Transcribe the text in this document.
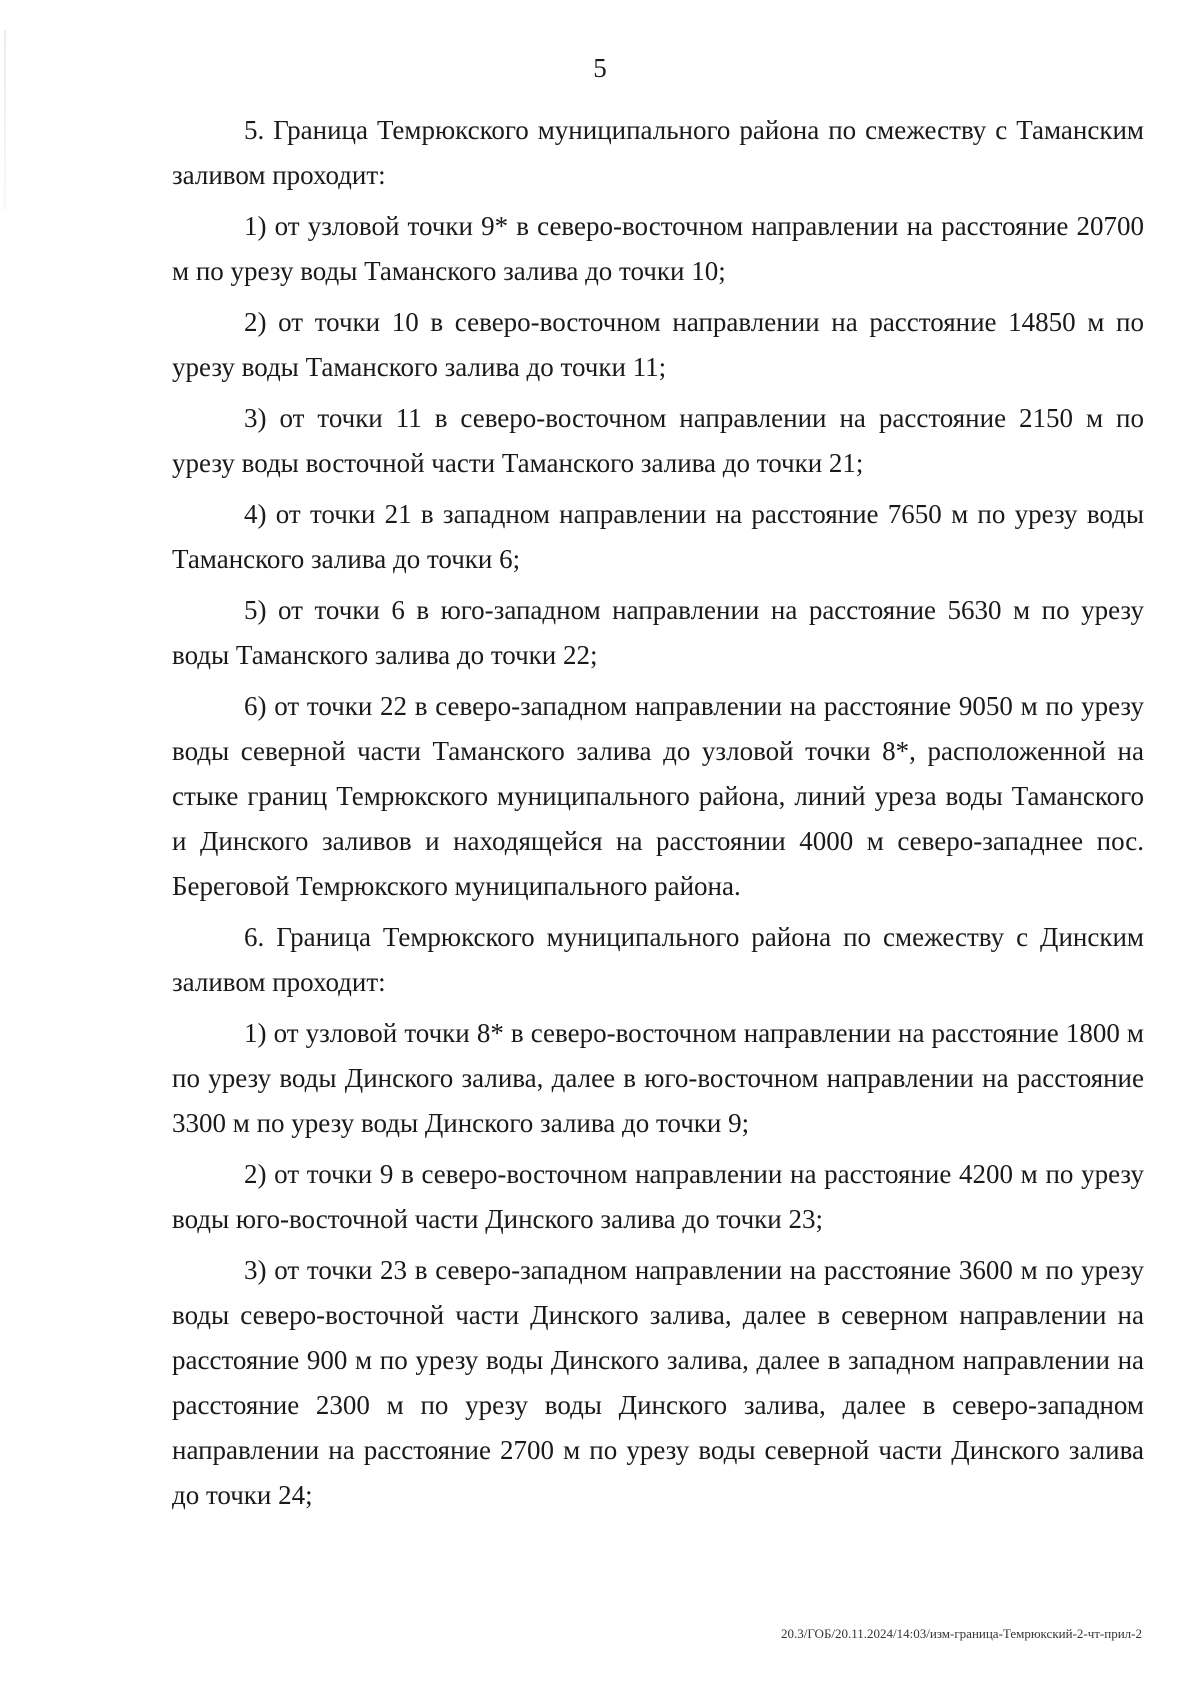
5

5. Граница Темрюкского муниципального района по смежеству с Таманским заливом проходит:

1) от узловой точки 9* в северо-восточном направлении на расстояние 20700 м по урезу воды Таманского залива до точки 10;

2) от точки 10 в северо-восточном направлении на расстояние 14850 м по урезу воды Таманского залива до точки 11;

3) от точки 11 в северо-восточном направлении на расстояние 2150 м по урезу воды восточной части Таманского залива до точки 21;

4) от точки 21 в западном направлении на расстояние 7650 м по урезу воды Таманского залива до точки 6;

5) от точки 6 в юго-западном направлении на расстояние 5630 м по урезу воды Таманского залива до точки 22;

6) от точки 22 в северо-западном направлении на расстояние 9050 м по урезу воды северной части Таманского залива до узловой точки 8*, расположенной на стыке границ Темрюкского муниципального района, линий уреза воды Таманского и Динского заливов и находящейся на расстоянии 4000 м северо-западнее пос. Береговой Темрюкского муниципального района.

6. Граница Темрюкского муниципального района по смежеству с Динским заливом проходит:

1) от узловой точки 8* в северо-восточном направлении на расстояние 1800 м по урезу воды Динского залива, далее в юго-восточном направлении на расстояние 3300 м по урезу воды Динского залива до точки 9;

2) от точки 9 в северо-восточном направлении на расстояние 4200 м по урезу воды юго-восточной части Динского залива до точки 23;

3) от точки 23 в северо-западном направлении на расстояние 3600 м по урезу воды северо-восточной части Динского залива, далее в северном направлении на расстояние 900 м по урезу воды Динского залива, далее в западном направлении на расстояние 2300 м по урезу воды Динского залива, далее в северо-западном направлении на расстояние 2700 м по урезу воды северной части Динского залива до точки 24;

20.3/ГОБ/20.11.2024/14:03/изм-граница-Темрюкский-2-чт-прил-2
